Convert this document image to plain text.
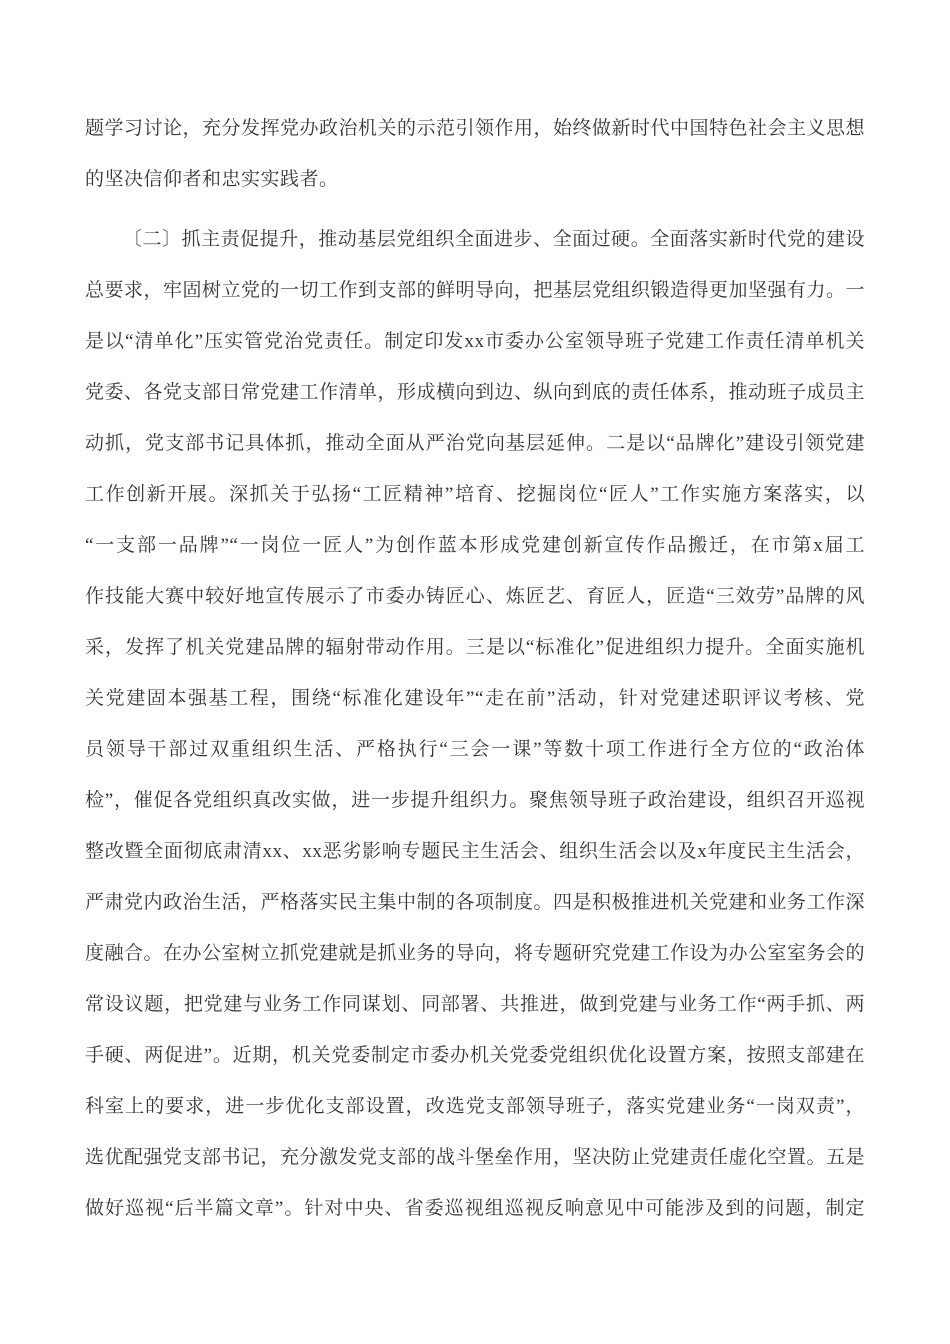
题学习讨论，充分发挥党办政治机关的示范引领作用，始终做新时代中国特色社会主义思想
的坚决信仰者和忠实实践者。
〔二〕抓主责促提升，推动基层党组织全面进步、全面过硬。全面落实新时代党的建设
总要求，牢固树立党的一切工作到支部的鲜明导向，把基层党组织锻造得更加坚强有力。一
是以“清单化”压实管党治党责任。制定印发xx市委办公室领导班子党建工作责任清单机关
党委、各党支部日常党建工作清单，形成横向到边、纵向到底的责任体系，推动班子成员主
动抓，党支部书记具体抓，推动全面从严治党向基层延伸。二是以“品牌化”建设引领党建
工作创新开展。深抓关于弘扬“工匠精神”培育、挖掘岗位“匠人”工作实施方案落实，以
“一支部一品牌”“一岗位一匠人”为创作蓝本形成党建创新宣传作品搬迁，在市第x届工
作技能大赛中较好地宣传展示了市委办铸匠心、炼匠艺、育匠人，匠造“三效劳”品牌的风
采，发挥了机关党建品牌的辐射带动作用。三是以“标准化”促进组织力提升。全面实施机
关党建固本强基工程，围绕“标准化建设年”“走在前”活动，针对党建述职评议考核、党
员领导干部过双重组织生活、严格执行“三会一课”等数十项工作进行全方位的“政治体
检”，催促各党组织真改实做，进一步提升组织力。聚焦领导班子政治建设，组织召开巡视
整改暨全面彻底肃清xx、xx恶劣影响专题民主生活会、组织生活会以及x年度民主生活会，
严肃党内政治生活，严格落实民主集中制的各项制度。四是积极推进机关党建和业务工作深
度融合。在办公室树立抓党建就是抓业务的导向，将专题研究党建工作设为办公室室务会的
常设议题，把党建与业务工作同谋划、同部署、共推进，做到党建与业务工作“两手抓、两
手硬、两促进”。近期，机关党委制定市委办机关党委党组织优化设置方案，按照支部建在
科室上的要求，进一步优化支部设置，改选党支部领导班子，落实党建业务“一岗双责”，
选优配强党支部书记，充分激发党支部的战斗堡垒作用，坚决防止党建责任虚化空置。五是
做好巡视“后半篇文章”。针对中央、省委巡视组巡视反响意见中可能涉及到的问题，制定
